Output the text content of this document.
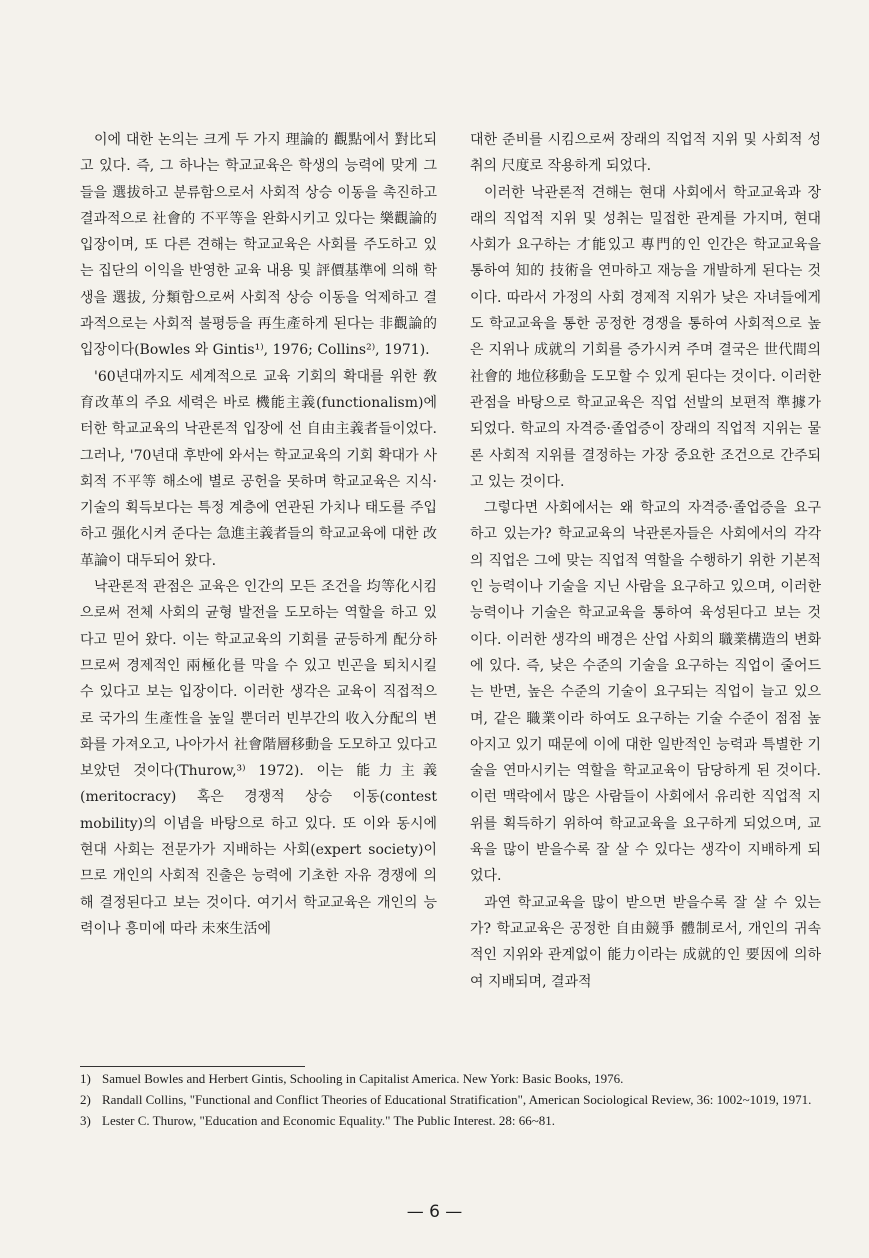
이에 대한 논의는 크게 두 가지 理論的 觀點에서 對比되고 있다. 즉, 그 하나는 학교교육은 학생의 능력에 맞게 그들을 選拔하고 분류함으로서 사회적 상승 이동을 촉진하고 결과적으로 社會的 不平等을 완화시키고 있다는 樂觀論的 입장이며, 또 다른 견해는 학교교육은 사회를 주도하고 있는 집단의 이익을 반영한 교육 내용 및 評價基準에 의해 학생을 選拔, 分類함으로써 사회적 상승 이동을 억제하고 결과적으로는 사회적 불평등을 再生產하게 된다는 非觀論的 입장이다(Bowles 와 Gintis¹⁾, 1976; Collins²⁾, 1971).

'60년대까지도 세계적으로 교육 기회의 확대를 위한 敎育改革의 주요 세력은 바로 機能主義(functionalism)에 터한 학교교육의 낙관론적 입장에 선 自由主義者들이었다. 그러나, '70년대 후반에 와서는 학교교육의 기회 확대가 사회적 不平等 해소에 별로 공헌을 못하며 학교교육은 지식·기술의 획득보다는 특정 계층에 연관된 가치나 태도를 주입하고 强化시켜 준다는 急進主義者들의 학교교육에 대한 改革論이 대두되어 왔다.

낙관론적 관점은 교육은 인간의 모든 조건을 均等化시킴으로써 전체 사회의 균형 발전을 도모하는 역할을 하고 있다고 믿어 왔다. 이는 학교교육의 기회를 균등하게 配分하므로써 경제적인 兩極化를 막을 수 있고 빈곤을 퇴치시킬 수 있다고 보는 입장이다. 이러한 생각은 교육이 직접적으로 국가의 生產性을 높일 뿐더러 빈부간의 收入分配의 변화를 가져오고, 나아가서 社會階層移動을 도모하고 있다고 보았던 것이다(Thurow,³⁾ 1972). 이는 能力主義(meritocracy) 혹은 경쟁적 상승 이동(contest mobility)의 이념을 바탕으로 하고 있다. 또 이와 동시에 현대 사회는 전문가가 지배하는 사회(expert society)이므로 개인의 사회적 진출은 능력에 기초한 자유 경쟁에 의해 결정된다고 보는 것이다. 여기서 학교교육은 개인의 능력이나 흥미에 따라 未來生活에

대한 준비를 시킴으로써 장래의 직업적 지위 및 사회적 성취의 尺度로 작용하게 되었다.

이러한 낙관론적 견해는 현대 사회에서 학교교육과 장래의 직업적 지위 및 성취는 밀접한 관계를 가지며, 현대 사회가 요구하는 才能있고 專門的인 인간은 학교교육을 통하여 知的 技術을 연마하고 재능을 개발하게 된다는 것이다. 따라서 가정의 사회 경제적 지위가 낮은 자녀들에게도 학교교육을 통한 공정한 경쟁을 통하여 사회적으로 높은 지위나 成就의 기회를 증가시켜 주며 결국은 世代間의 社會的 地位移動을 도모할 수 있게 된다는 것이다. 이러한 관점을 바탕으로 학교교육은 직업 선발의 보편적 準據가 되었다. 학교의 자격증·졸업증이 장래의 직업적 지위는 물론 사회적 지위를 결정하는 가장 중요한 조건으로 간주되고 있는 것이다.

그렇다면 사회에서는 왜 학교의 자격증·졸업증을 요구하고 있는가? 학교교육의 낙관론자들은 사회에서의 각각의 직업은 그에 맞는 직업적 역할을 수행하기 위한 기본적인 능력이나 기술을 지닌 사람을 요구하고 있으며, 이러한 능력이나 기술은 학교교육을 통하여 육성된다고 보는 것이다. 이러한 생각의 배경은 산업 사회의 職業構造의 변화에 있다. 즉, 낮은 수준의 기술을 요구하는 직업이 줄어드는 반면, 높은 수준의 기술이 요구되는 직업이 늘고 있으며, 같은 職業이라 하여도 요구하는 기술 수준이 점점 높아지고 있기 때문에 이에 대한 일반적인 능력과 특별한 기술을 연마시키는 역할을 학교교육이 담당하게 된 것이다. 이런 맥락에서 많은 사람들이 사회에서 유리한 직업적 지위를 획득하기 위하여 학교교육을 요구하게 되었으며, 교육을 많이 받을수록 잘 살 수 있다는 생각이 지배하게 되었다.

과연 학교교육을 많이 받으면 받을수록 잘 살 수 있는가? 학교교육은 공정한 自由競爭 體制로서, 개인의 귀속적인 지위와 관계없이 能力이라는 成就的인 要因에 의하여 지배되며, 결과적

1) Samuel Bowles and Herbert Gintis, Schooling in Capitalist America. New York: Basic Books, 1976.
2) Randall Collins, "Functional and Conflict Theories of Educational Stratification", American Sociological Review, 36: 1002~1019, 1971.
3) Lester C. Thurow, "Education and Economic Equality." The Public Interest. 28: 66~81.
— 6 —
